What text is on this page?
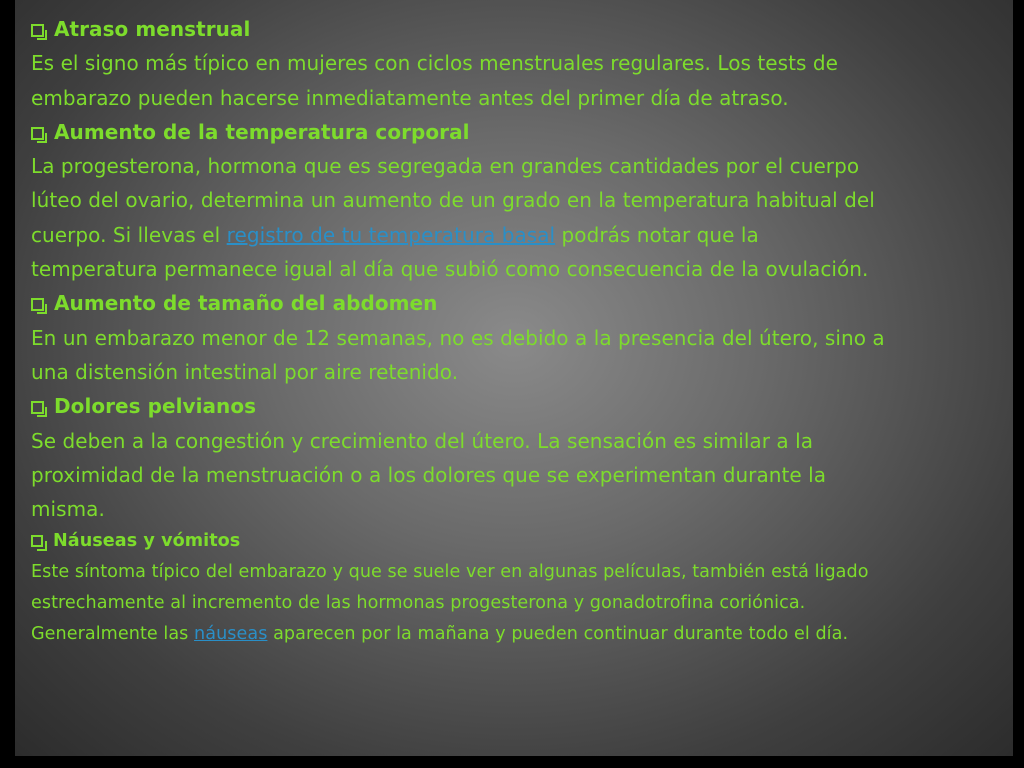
Atraso menstrual
Es el signo más típico en mujeres con ciclos menstruales regulares. Los tests de
embarazo pueden hacerse inmediatamente antes del primer día de atraso.
Aumento de la temperatura corporal
La progesterona, hormona que es segregada en grandes cantidades por el cuerpo
lúteo del ovario, determina un aumento de un grado en la temperatura habitual del
cuerpo. Si llevas el registro de tu temperatura basal podrás notar que la
temperatura permanece igual al día que subió como consecuencia de la ovulación.
Aumento de tamaño del abdomen
En un embarazo menor de 12 semanas, no es debido a la presencia del útero, sino a
una distensión intestinal por aire retenido.
Dolores pelvianos
Se deben a la congestión y crecimiento del útero. La sensación es similar a la
proximidad de la menstruación o a los dolores que se experimentan durante la
misma.
Náuseas y vómitos
Este síntoma típico del embarazo y que se suele ver en algunas películas, también está ligado
estrechamente al incremento de las hormonas progesterona y gonadotrofina coriónica.
Generalmente las náuseas aparecen por la mañana y pueden continuar durante todo el día.
